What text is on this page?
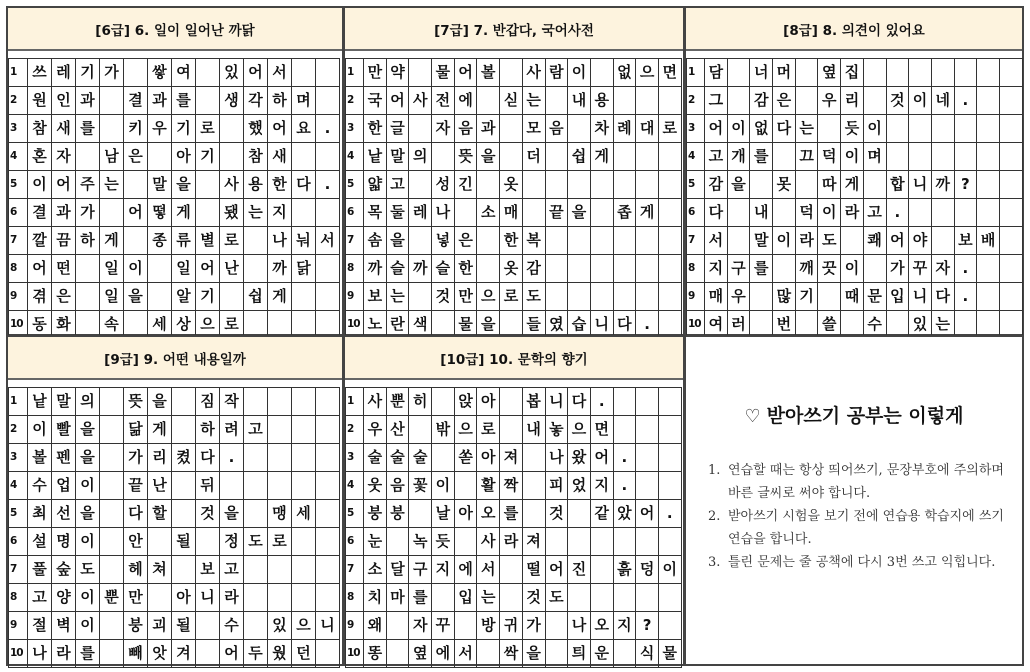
[6급] 6. 일이 일어난 까닭
1	쓰 레 기 가	쌓 여	있 어 서
2	원 인 과	결 과 를	생 각 하 며
3	참 새 를	키 우 기 로	했 어 요 .
4	혼 자	남 은	아 기	참 새
5	이 어 주 는	말 을	사 용 한 다 .
6	결 과 가	어 떻 게	됐 는 지
7	깔 끔 하 게	종 류 별 로	나 눠 서
8	어 떤	일 이	일 어 난	까 닭
9	겪 은	일 을	알 기	쉽 게
10 동 화	속	세 상 으 로
[7급] 7. 반갑다, 국어사전
1 만 약	물 어 볼	사 람 이	없 으 면
2 국 어 사 전 에	싣 는	내 용
3 한 글	자 음 과	모 음	차 례 대 로
4 낱 말 의	뜻 을	더	쉽 게
5 얇 고	성 긴	옷
6 목 둘 레 나	소 매	끝 을	좁 게
7 솜 을	넣 은	한 복
8 까 슬 까 슬 한	옷 감
9 보 는	것 만 으 로 도
10 노 란 색	물 을	들 였 습 니 다 .
[8급] 8. 의견이 있어요
1 담	너 머	옆 집
2 그	감 은	우 리	것 이 네 .
3 어 이 없 다 는	듯 이
4 고 개 를	끄 덕 이 며
5 감 을	못	따 게	합 니 까 ?
6 다	내	덕 이 라 고 .
7 서	말 이 라 도	쾌 어 야	보 배
8 지 구 를	깨 끗 이	가 꾸 자 .
9 매 우	많 기	때 문 입 니 다 .
10 여 러	번	쓸	수	있 는
[9급] 9. 어떤 내용일까
1	낱 말 의	뜻 을	짐 작
2	이 빨 을	닮 게	하 려 고
3	볼 펜 을	가 리 켰 다 .
4	수 업 이	끝 난	뒤
5	최 선 을	다 할	것 을	맹 세
6	설 명 이	안	될	정 도 로
7	풀 숲 도	헤 쳐	보 고
8	고 양 이 뿐 만	아 니 라
9	절 벽 이	붕 괴 될	수	있 으 니
10 나 라 를	빼 앗 겨	어 두 웠 던
[10급] 10. 문학의 향기
1 사 뿐 히	앉 아	봅 니 다 .
2 우 산	밖 으 로	내 놓 으 면
3 술 술 술	쏟 아 져	나 왔 어 .
4 웃 음 꽃 이	활 짝	피 었 지 .
5 붕 붕	날 아 오 를	것	같 았 어 .
6 눈	녹 듯	사 라 져
7 소 달 구 지 에 서	떨 어 진	흙 덩 이
8 치 마 를	입 는	것 도
9 왜	자 꾸	방 귀 가	나 오 지 ?
10 똥	옆 에 서	싹 을	틔 운	식 물
♡ 받아쓰기 공부는 이렇게
1. 연습할 때는 항상 띄어쓰기, 문장부호에 주의하며 바른 글씨로 써야 합니다.
2. 받아쓰기 시험을 보기 전에 연습용 학습지에 쓰기 연습을 합니다.
3. 틀린 문제는 줄 공책에 다시 3번 쓰고 익힙니다.
